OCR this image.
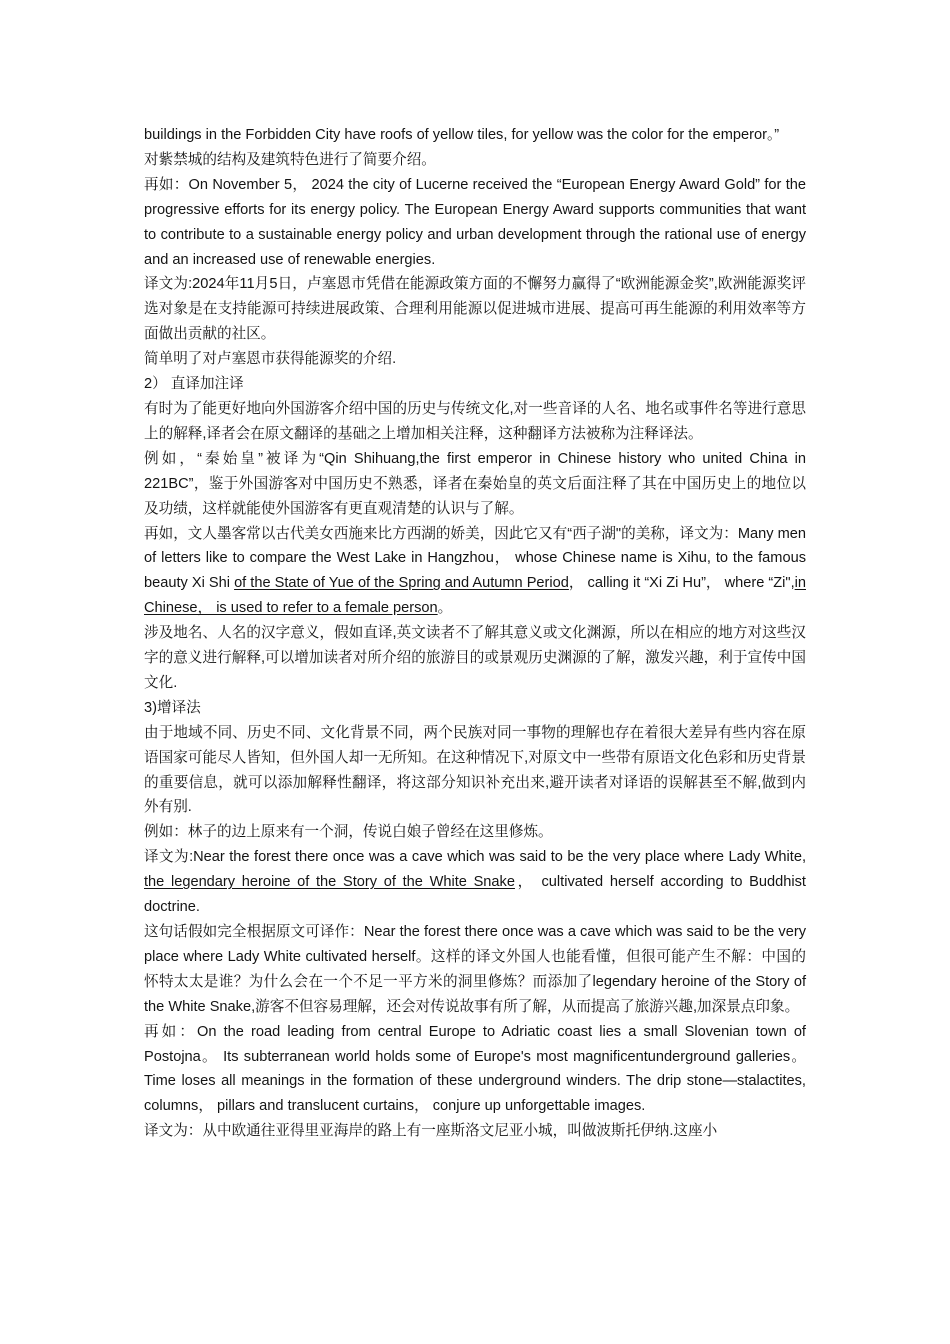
buildings in the Forbidden City have roofs of yellow tiles, for yellow was the color for the emperor。”

对紫禁城的结构及建筑特色进行了简要介绍。

再如：On November 5， 2024 the city of Lucerne received the “European Energy Award Gold” for the progressive efforts for its energy policy. The European Energy Award supports communities that want to contribute to a sustainable energy policy and urban development through the rational use of energy and an increased use of renewable energies.

译文为:2024年11月5日，卢塞恩市凭借在能源政策方面的不懈努力赢得了“欧洲能源金奖”,欧洲能源奖评选对象是在支持能源可持续进展政策、合理利用能源以促进城市进展、提高可再生能源的利用效率等方面做出贡献的社区。

简单明了对卢塞恩市获得能源奖的介绍.

2） 直译加注译

有时为了能更好地向外国游客介绍中国的历史与传统文化,对一些音译的人名、地名或事件名等进行意思上的解释,译者会在原文翻译的基础之上增加相关注释，这种翻译方法被称为注释译法。

例如，“秦始皇”被译为“Qin Shihuang,the first emperor in Chinese history who united China in 221BC”，鉴于外国游客对中国历史不熟悉，译者在秦始皇的英文后面注释了其在中国历史上的地位以及功绩，这样就能使外国游客有更直观清楚的认识与了解。

再如，文人墨客常以古代美女西施来比方西湖的娇美，因此它又有“西子湖"的美称，译文为：Many men of letters like to compare the West Lake in Hangzhou， whose Chinese name is Xihu, to the famous beauty Xi Shi of the State of Yue of the Spring and Autumn Period， calling it “Xi Zi Hu”， where “Zi",in Chinese， is used to refer to a female person。

涉及地名、人名的汉字意义，假如直译,英文读者不了解其意义或文化渊源，所以在相应的地方对这些汉字的意义进行解释,可以增加读者对所介绍的旅游目的或景观历史渊源的了解，激发兴趣，利于宣传中国文化.

3)增译法

由于地域不同、历史不同、文化背景不同，两个民族对同一事物的理解也存在着很大差异有些内容在原语国家可能尽人皆知，但外国人却一无所知。在这种情况下,对原文中一些带有原语文化色彩和历史背景的重要信息，就可以添加解释性翻译，将这部分知识补充出来,避开读者对译语的误解甚至不解,做到内外有别.

例如：林子的边上原来有一个洞，传说白娘子曾经在这里修炼。

译文为:Near the forest there once was a cave which was said to be the very place where Lady White, the legendary heroine of the Story of the White Snake， cultivated herself according to Buddhist doctrine.

这句话假如完全根据原文可译作：Near the forest there once was a cave which was said to be the very place where Lady White cultivated herself。这样的译文外国人也能看懂，但很可能产生不解：中国的怀特太太是谁？为什么会在一个不足一平方米的洞里修炼？而添加了legendary heroine of the Story of the White Snake,游客不但容易理解，还会对传说故事有所了解，从而提高了旅游兴趣,加深景点印象。

再如：On the road leading from central Europe to Adriatic coast lies a small Slovenian town of Postojna。 Its subterranean world holds some of Europe's most magnificentunderground galleries。 Time loses all meanings in the formation of these underground winders. The drip stone—stalactites, columns， pillars and translucent curtains， conjure up unforgettable images.

译文为：从中欧通往亚得里亚海岸的路上有一座斯洛文尼亚小城，叫做波斯托伊纳.这座小
